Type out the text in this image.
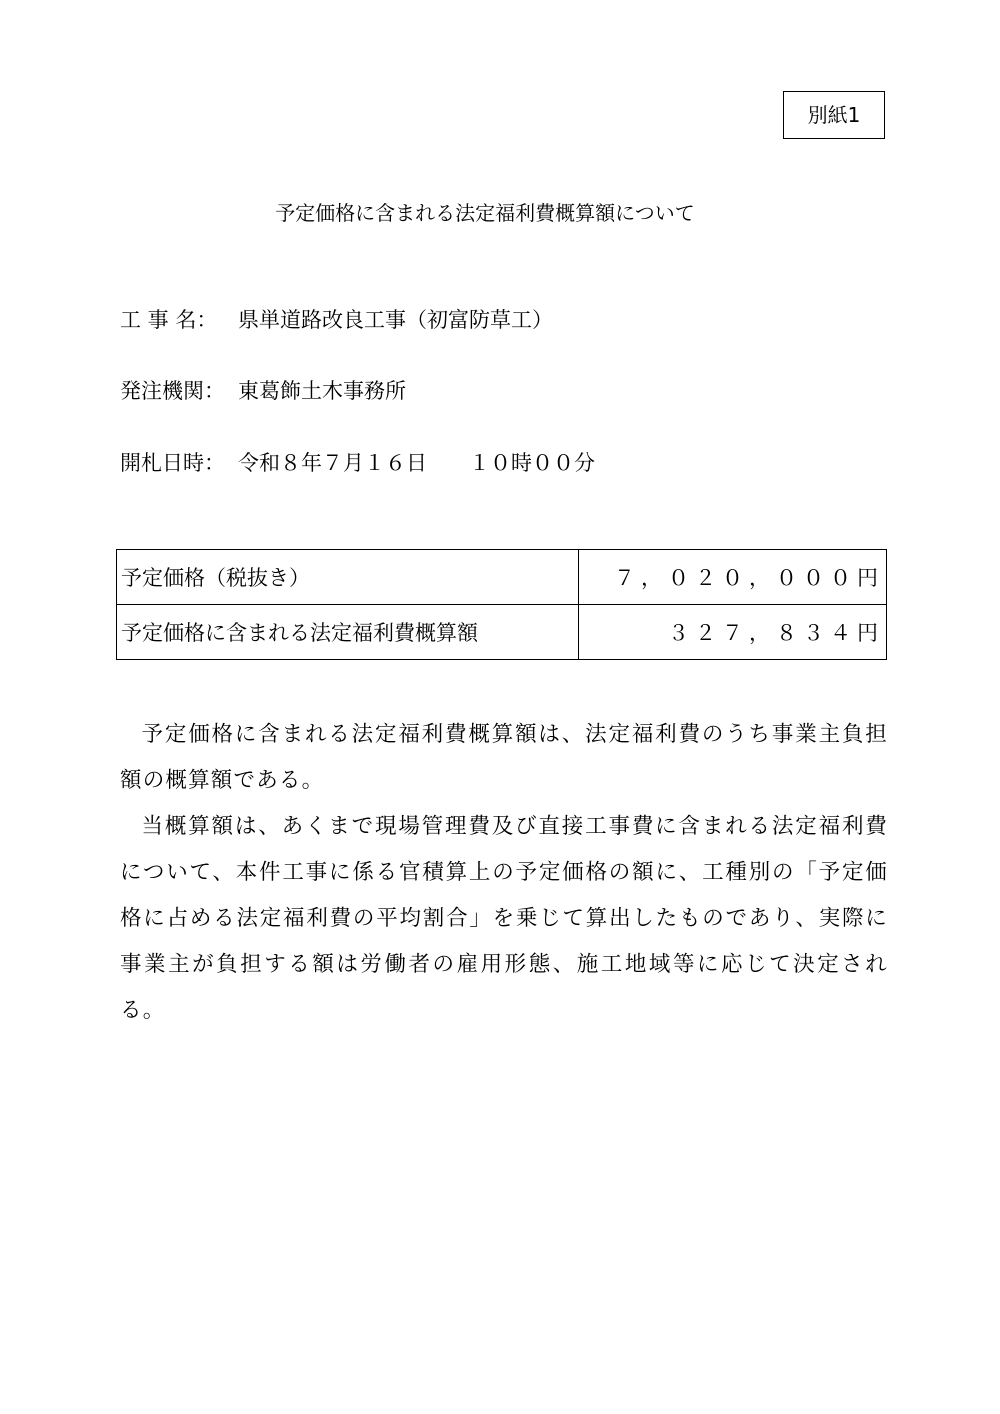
別紙1
予定価格に含まれる法定福利費概算額について
工 事 名： 県単道路改良工事（初富防草工）
発注機関： 東葛飾土木事務所
開札日時： 令和８年７月１６日　　１０時００分
予定価格（税抜き）	７，０２０，０００円
予定価格に含まれる法定福利費概算額	３２７，８３４円

予定価格に含まれる法定福利費概算額は、法定福利費のうち事業主負担額の概算額である。

当概算額は、あくまで現場管理費及び直接工事費に含まれる法定福利費について、本件工事に係る官積算上の予定価格の額に、工種別の「予定価格に占める法定福利費の平均割合」を乗じて算出したものであり、実際に事業主が負担する額は労働者の雇用形態、施工地域等に応じて決定される。
